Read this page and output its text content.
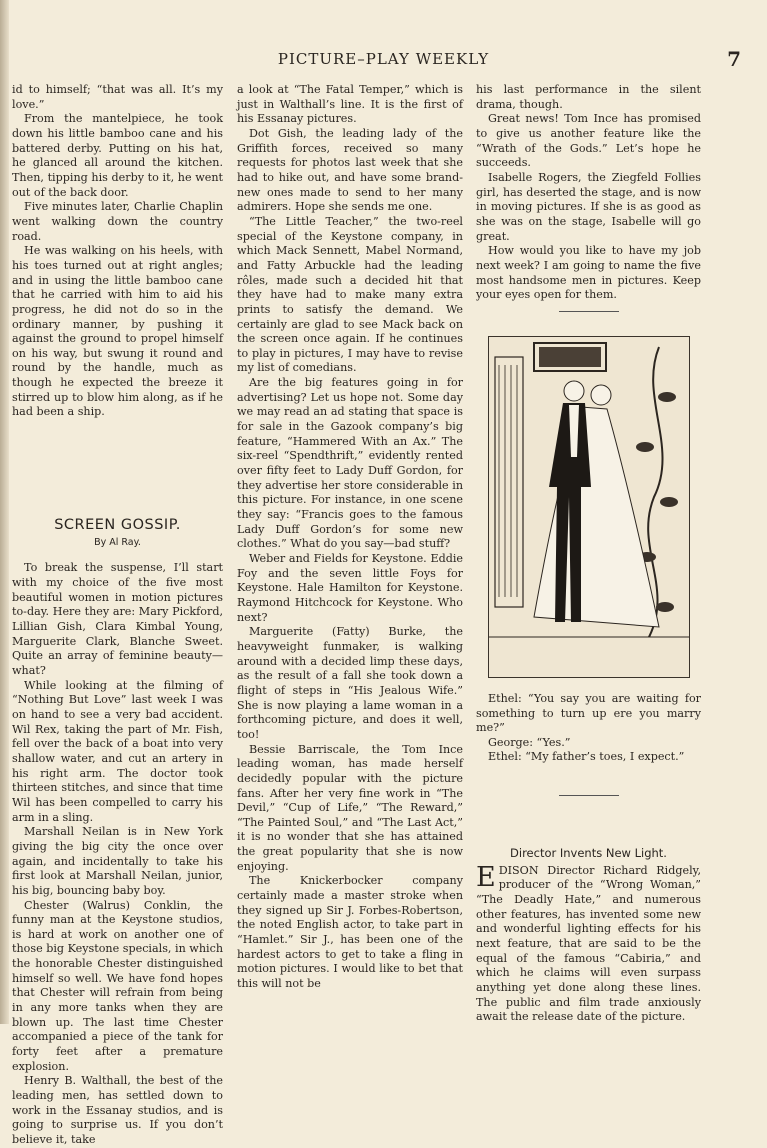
PICTURE–PLAY WEEKLY	7

id to himself; “that was all. It’s my love.”

From the mantelpiece, he took down his little bamboo cane and his battered derby. Putting on his hat, he glanced all around the kitchen. Then, tipping his derby to it, he went out of the back door.

Five minutes later, Charlie Chaplin went walking down the country road.

He was walking on his heels, with his toes turned out at right angles; and in using the little bamboo cane that he carried with him to aid his progress, he did not do so in the ordinary manner, by pushing it against the ground to propel himself on his way, but swung it round and round by the handle, much as though he expected the breeze it stirred up to blow him along, as if he had been a ship.

SCREEN GOSSIP.
By Al Ray.

To break the suspense, I’ll start with my choice of the five most beautiful women in motion pictures to-day. Here they are: Mary Pickford, Lillian Gish, Clara Kimbal Young, Marguerite Clark, Blanche Sweet. Quite an array of feminine beauty—what?

While looking at the filming of “Nothing But Love” last week I was on hand to see a very bad accident. Wil Rex, taking the part of Mr. Fish, fell over the back of a boat into very shallow water, and cut an artery in his right arm. The doctor took thirteen stitches, and since that time Wil has been compelled to carry his arm in a sling.

Marshall Neilan is in New York giving the big city the once over again, and incidentally to take his first look at Marshall Neilan, junior, his big, bouncing baby boy.

Chester (Walrus) Conklin, the funny man at the Keystone studios, is hard at work on another one of those big Keystone specials, in which the honorable Chester distinguished himself so well. We have fond hopes that Chester will refrain from being in any more tanks when they are blown up. The last time Chester accompanied a piece of the tank for forty feet after a premature explosion.

Henry B. Walthall, the best of the leading men, has settled down to work in the Essanay studios, and is going to surprise us. If you don’t believe it, take

a look at “The Fatal Temper,” which is just in Walthall’s line. It is the first of his Essanay pictures.

Dot Gish, the leading lady of the Griffith forces, received so many requests for photos last week that she had to hike out, and have some brand-new ones made to send to her many admirers. Hope she sends me one.

“The Little Teacher,” the two-reel special of the Keystone company, in which Mack Sennett, Mabel Normand, and Fatty Arbuckle had the leading rôles, made such a decided hit that they have had to make many extra prints to satisfy the demand. We certainly are glad to see Mack back on the screen once again. If he continues to play in pictures, I may have to revise my list of comedians.

Are the big features going in for advertising? Let us hope not. Some day we may read an ad stating that space is for sale in the Gazook company’s big feature, “Hammered With an Ax.” The six-reel “Spendthrift,” evidently rented over fifty feet to Lady Duff Gordon, for they advertise her store considerable in this picture. For instance, in one scene they say: “Francis goes to the famous Lady Duff Gordon’s for some new clothes.” What do you say—bad stuff?

Weber and Fields for Keystone. Eddie Foy and the seven little Foys for Keystone. Hale Hamilton for Keystone. Raymond Hitchcock for Keystone. Who next?

Marguerite (Fatty) Burke, the heavyweight funmaker, is walking around with a decided limp these days, as the result of a fall she took down a flight of steps in “His Jealous Wife.” She is now playing a lame woman in a forthcoming picture, and does it well, too!

Bessie Barriscale, the Tom Ince leading woman, has made herself decidedly popular with the picture fans. After her very fine work in “The Devil,” “Cup of Life,” “The Reward,” “The Painted Soul,” and “The Last Act,” it is no wonder that she has attained the great popularity that she is now enjoying.

The Knickerbocker company certainly made a master stroke when they signed up Sir J. Forbes-Robertson, the noted English actor, to take part in “Hamlet.” Sir J., has been one of the hardest actors to get to take a fling in motion pictures. I would like to bet that this will not be

his last performance in the silent drama, though.

Great news! Tom Ince has promised to give us another feature like the “Wrath of the Gods.” Let’s hope he succeeds.

Isabelle Rogers, the Ziegfeld Follies girl, has deserted the stage, and is now in moving pictures. If she is as good as she was on the stage, Isabelle will go great.

How would you like to have my job next week? I am going to name the five most handsome men in pictures. Keep your eyes open for them.

Ethel: “You say you are waiting for something to turn up ere you marry me?”

George: “Yes.”

Ethel: “My father’s toes, I expect.”

Director Invents New Light.

EDISON Director Richard Ridgely, producer of the “Wrong Woman,” “The Deadly Hate,” and numerous other features, has invented some new and wonderful lighting effects for his next feature, that are said to be the equal of the famous “Cabiria,” and which he claims will even surpass anything yet done along these lines. The public and film trade anxiously await the release date of the picture.
